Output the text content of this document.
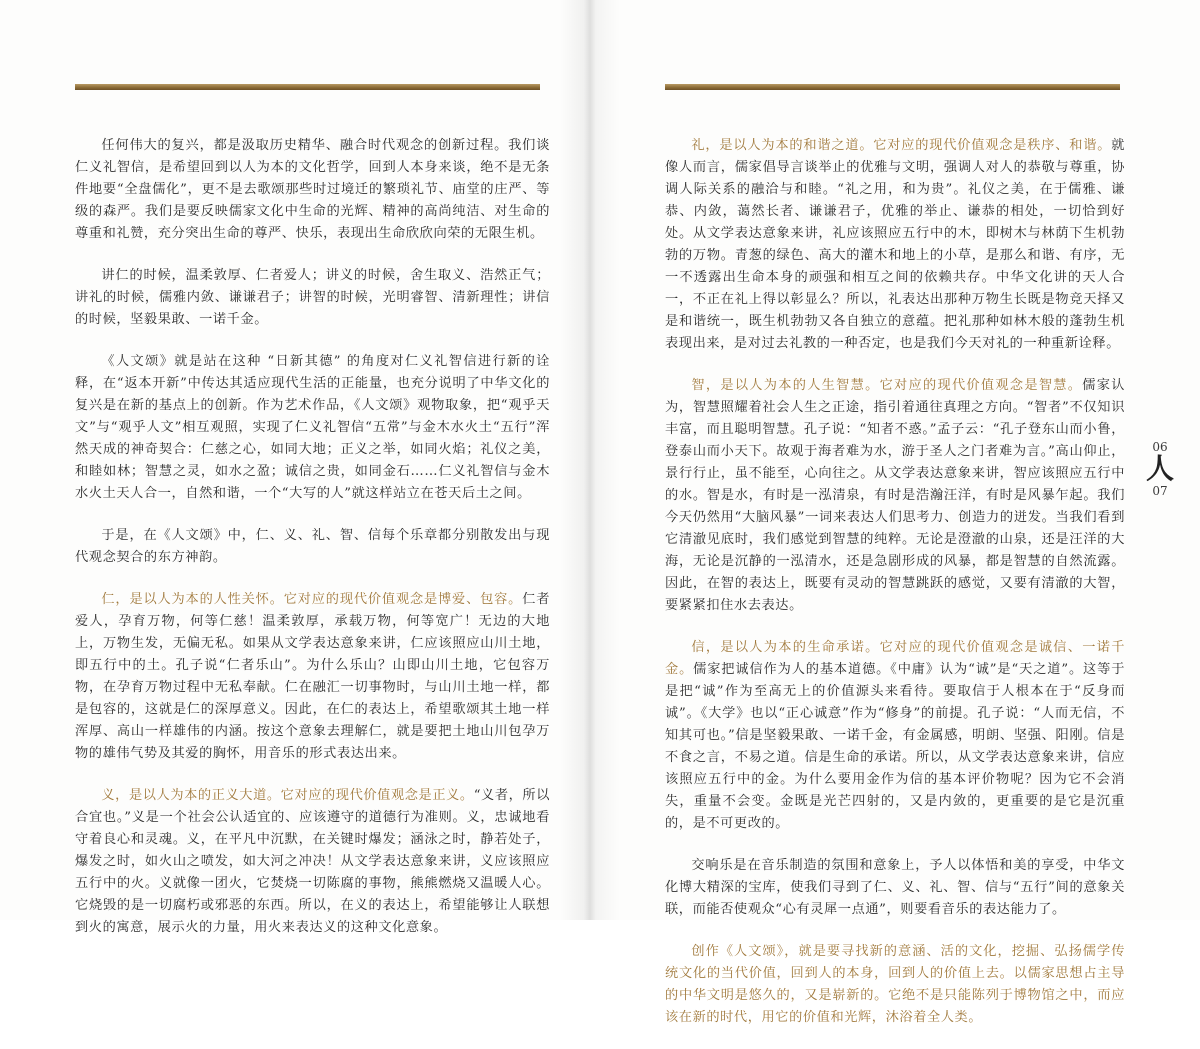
任何伟大的复兴，都是汲取历史精华、融合时代观念的创新过程。我们谈仁义礼智信，是希望回到以人为本的文化哲学，回到人本身来谈，绝不是无条件地要“全盘儒化”，更不是去歌颂那些时过境迁的繁琐礼节、庙堂的庄严、等级的森严。我们是要反映儒家文化中生命的光辉、精神的高尚纯洁、对生命的尊重和礼赞，充分突出生命的尊严、快乐，表现出生命欣欣向荣的无限生机。

讲仁的时候，温柔敦厚、仁者爱人；讲义的时候，舍生取义、浩然正气；讲礼的时候，儒雅内敛、谦谦君子；讲智的时候，光明睿智、清新理性；讲信的时候，坚毅果敢、一诺千金。

《人文颂》就是站在这种 “日新其德” 的角度对仁义礼智信进行新的诠释，在“返本开新”中传达其适应现代生活的正能量，也充分说明了中华文化的复兴是在新的基点上的创新。作为艺术作品，《人文颂》观物取象，把“观乎天文”与“观乎人文”相互观照，实现了仁义礼智信“五常”与金木水火土“五行”浑然天成的神奇契合：仁慈之心，如同大地；正义之举，如同火焰；礼仪之美，和睦如林；智慧之灵，如水之盈；诚信之贵，如同金石……仁义礼智信与金木水火土天人合一，自然和谐，一个“大写的人”就这样站立在苍天后土之间。

于是，在《人文颂》中，仁、义、礼、智、信每个乐章都分别散发出与现代观念契合的东方神韵。

仁，是以人为本的人性关怀。它对应的现代价值观念是博爱、包容。仁者爱人，孕育万物，何等仁慈！温柔敦厚，承载万物，何等宽广！无边的大地上，万物生发，无偏无私。如果从文学表达意象来讲，仁应该照应山川土地，即五行中的土。孔子说“仁者乐山”。为什么乐山？山即山川土地，它包容万物，在孕育万物过程中无私奉献。仁在融汇一切事物时，与山川土地一样，都是包容的，这就是仁的深厚意义。因此，在仁的表达上，希望歌颂其土地一样浑厚、高山一样雄伟的内涵。按这个意象去理解仁，就是要把土地山川包孕万物的雄伟气势及其爱的胸怀，用音乐的形式表达出来。

义，是以人为本的正义大道。它对应的现代价值观念是正义。“义者，所以合宜也。”义是一个社会公认适宜的、应该遵守的道德行为准则。义，忠诚地看守着良心和灵魂。义，在平凡中沉默，在关键时爆发；涵泳之时，静若处子，爆发之时，如火山之喷发，如大河之冲决！从文学表达意象来讲，义应该照应五行中的火。义就像一团火，它焚烧一切陈腐的事物，熊熊燃烧又温暖人心。它烧毁的是一切腐朽或邪恶的东西。所以，在义的表达上，希望能够让人联想到火的寓意，展示火的力量，用火来表达义的这种文化意象。

礼，是以人为本的和谐之道。它对应的现代价值观念是秩序、和谐。就像人而言，儒家倡导言谈举止的优雅与文明，强调人对人的恭敬与尊重，协调人际关系的融洽与和睦。“礼之用，和为贵”。礼仪之美，在于儒雅、谦恭、内敛，蔼然长者、谦谦君子，优雅的举止、谦恭的相处，一切恰到好处。从文学表达意象来讲，礼应该照应五行中的木，即树木与林荫下生机勃勃的万物。青葱的绿色、高大的灌木和地上的小草，是那么和谐、有序，无一不透露出生命本身的顽强和相互之间的依赖共存。中华文化讲的天人合一，不正在礼上得以彰显么？所以，礼表达出那种万物生长既是物竞天择又是和谐统一，既生机勃勃又各自独立的意蕴。把礼那种如林木般的蓬勃生机表现出来，是对过去礼教的一种否定，也是我们今天对礼的一种重新诠释。

智，是以人为本的人生智慧。它对应的现代价值观念是智慧。儒家认为，智慧照耀着社会人生之正途，指引着通往真理之方向。“智者”不仅知识丰富，而且聪明智慧。孔子说：“知者不惑。”孟子云：“孔子登东山而小鲁，登泰山而小天下。故观于海者难为水，游于圣人之门者难为言。”高山仰止，景行行止，虽不能至，心向往之。从文学表达意象来讲，智应该照应五行中的水。智是水，有时是一泓清泉，有时是浩瀚汪洋，有时是风暴乍起。我们今天仍然用“大脑风暴”一词来表达人们思考力、创造力的迸发。当我们看到它清澈见底时，我们感觉到智慧的纯粹。无论是澄澈的山泉，还是汪洋的大海，无论是沉静的一泓清水，还是急剧形成的风暴，都是智慧的自然流露。因此，在智的表达上，既要有灵动的智慧跳跃的感觉，又要有清澈的大智，要紧紧扣住水去表达。

信，是以人为本的生命承诺。它对应的现代价值观念是诚信、一诺千金。儒家把诚信作为人的基本道德。《中庸》认为“诚”是“天之道”。这等于是把“诚”作为至高无上的价值源头来看待。要取信于人根本在于“反身而诚”。《大学》也以“正心诚意”作为“修身”的前提。孔子说：“人而无信，不知其可也。”信是坚毅果敢、一诺千金，有金属感，明朗、坚强、阳刚。信是不食之言，不易之道。信是生命的承诺。所以，从文学表达意象来讲，信应该照应五行中的金。为什么要用金作为信的基本评价物呢？因为它不会消失，重量不会变。金既是光芒四射的，又是内敛的，更重要的是它是沉重的，是不可更改的。

交响乐是在音乐制造的氛围和意象上，予人以体悟和美的享受，中华文化博大精深的宝库，使我们寻到了仁、义、礼、智、信与“五行”间的意象关联，而能否使观众“心有灵犀一点通”，则要看音乐的表达能力了。

创作《人文颂》，就是要寻找新的意涵、活的文化，挖掘、弘扬儒学传统文化的当代价值，回到人的本身，回到人的价值上去。以儒家思想占主导的中华文明是悠久的，又是崭新的。它绝不是只能陈列于博物馆之中，而应该在新的时代，用它的价值和光辉，沐浴着全人类。

06
人
07
